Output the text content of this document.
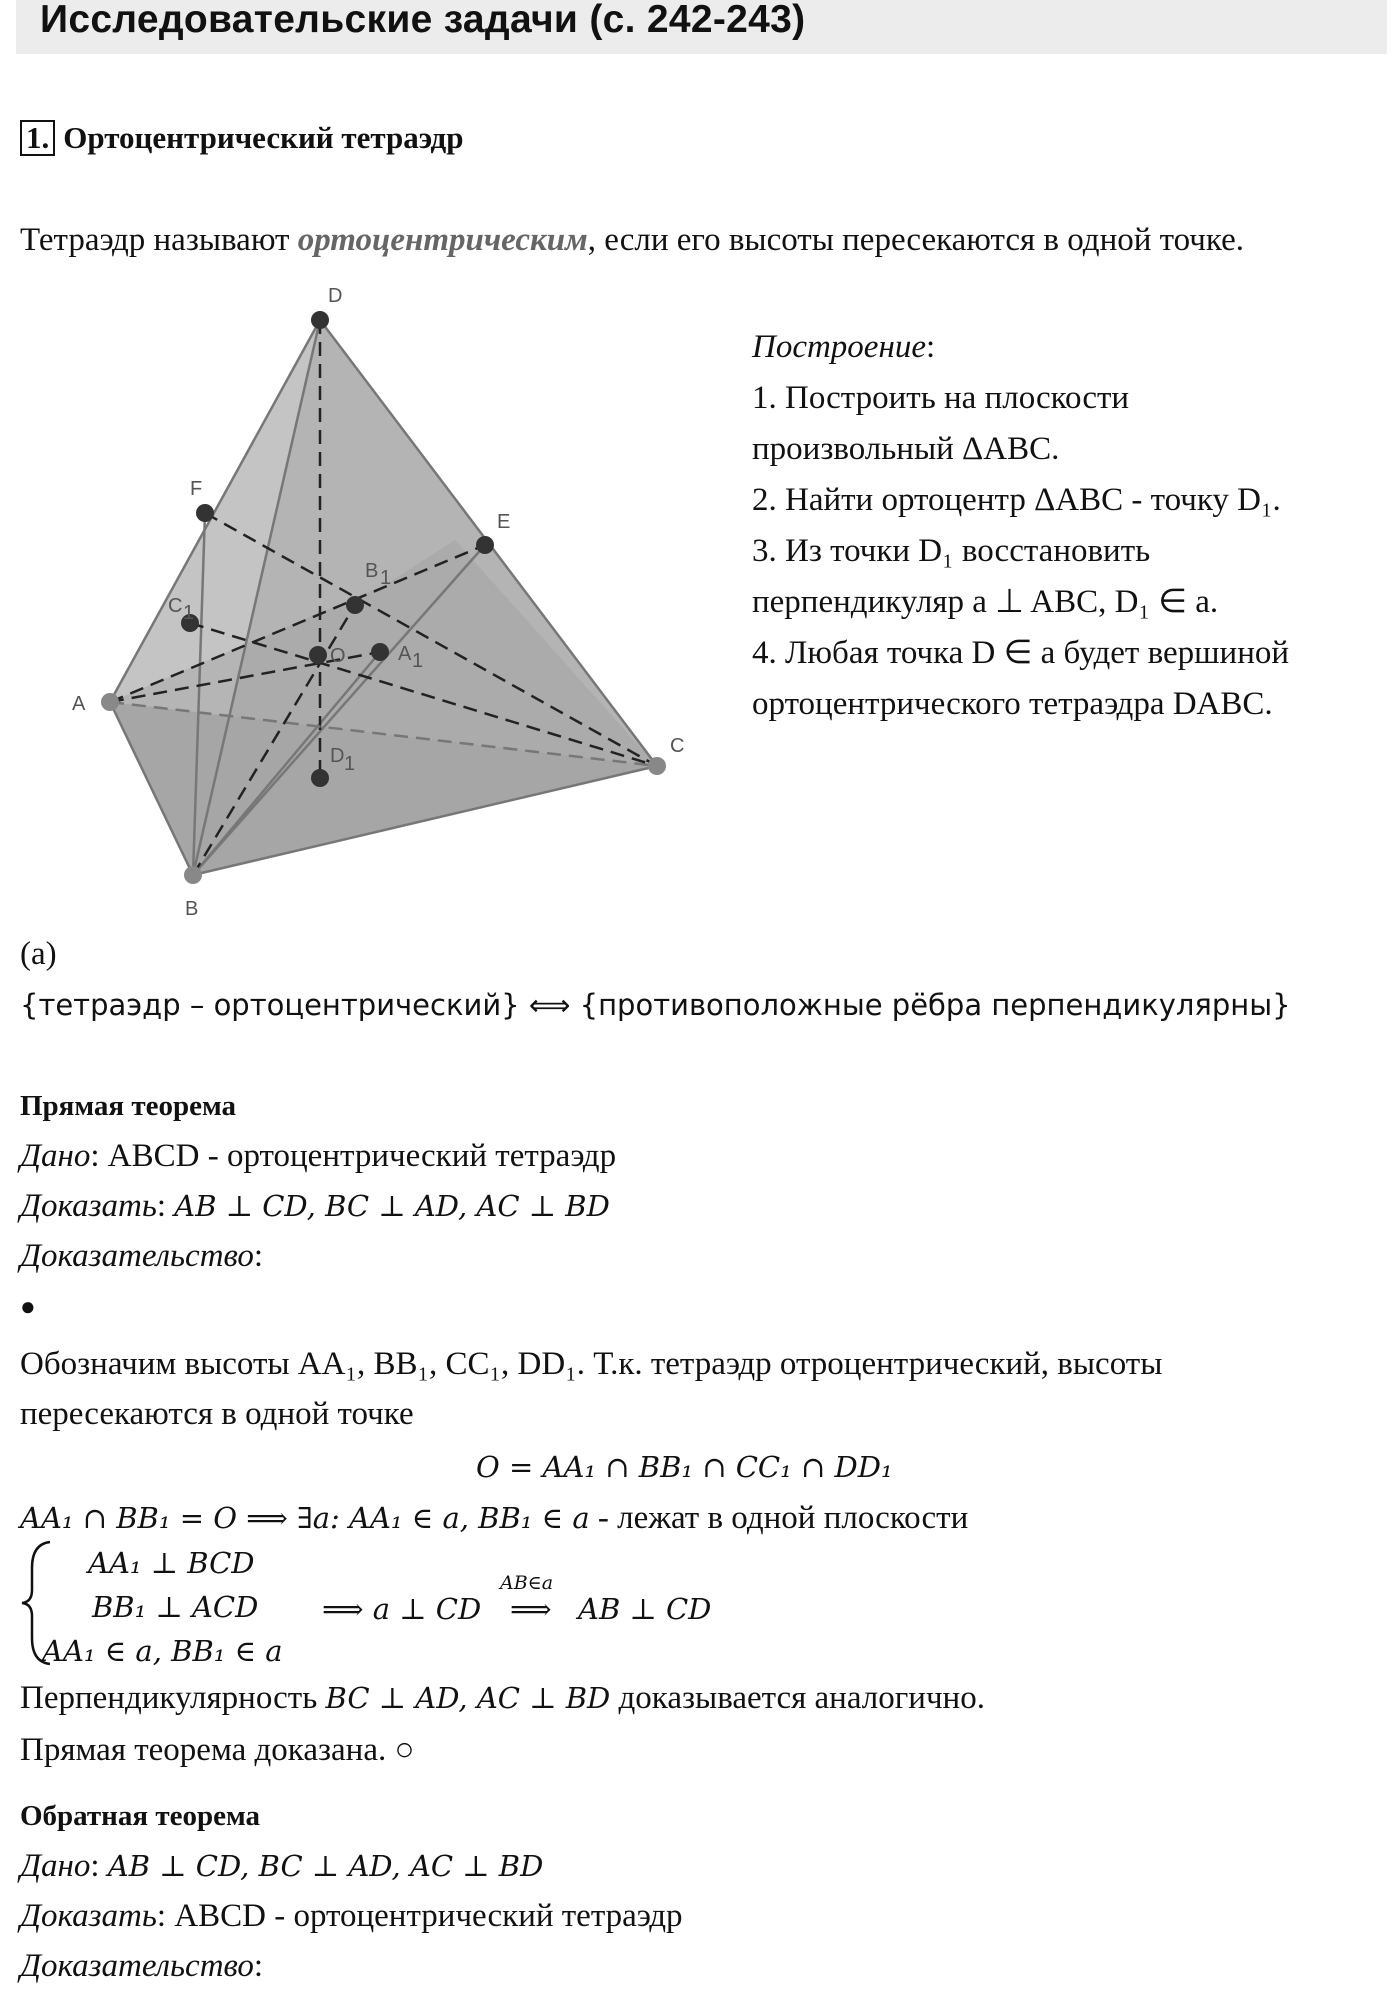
Исследовательские задачи (с. 242-243)
1. Ортоцентрический тетраэдр
Тетраэдр называют ортоцентрическим, если его высоты пересекаются в одной точке.
D
F
E
B 1
C 1
O	A 1
A
C
D 1
B
Построение:
1. Построить на плоскости
произвольный ΔABC.
2. Найти ортоцентр ΔABC - точку D₁.
3. Из точки D₁ восстановить
перпендикуляр a ⊥ ABC, D₁ ∈ a.
4. Любая точка D ∈ a будет вершиной
ортоцентрического тетраэдра DABC.
(a)
{тетраэдр – ортоцентрический} ⟺ {противоположные рёбра перпендикулярны}
Прямая теорема
Дано: ABCD - ортоцентрический тетраэдр
Доказать: AB ⊥ CD, BC ⊥ AD, AC ⊥ BD
Доказательство:
●
Обозначим высоты AA₁, BB₁, CC₁, DD₁. Т.к. тетраэдр отроцентрический, высоты
пересекаются в одной точке
O = AA₁ ∩ BB₁ ∩ CC₁ ∩ DD₁
AA₁ ∩ BB₁ = O ⟹ ∃a: AA₁ ∈ a, BB₁ ∈ a - лежат в одной плоскости
AA₁ ⊥ BCD
BB₁ ⊥ ACD
AA₁ ∈ a, BB₁ ∈ a
⟹ a ⊥ CD
AB∈a
⟹ AB ⊥ CD
Перпендикулярность BC ⊥ AD, AC ⊥ BD доказывается аналогично.
Прямая теорема доказана. ○
Обратная теорема
Дано: AB ⊥ CD, BC ⊥ AD, AC ⊥ BD
Доказать: ABCD - ортоцентрический тетраэдр
Доказательство:
